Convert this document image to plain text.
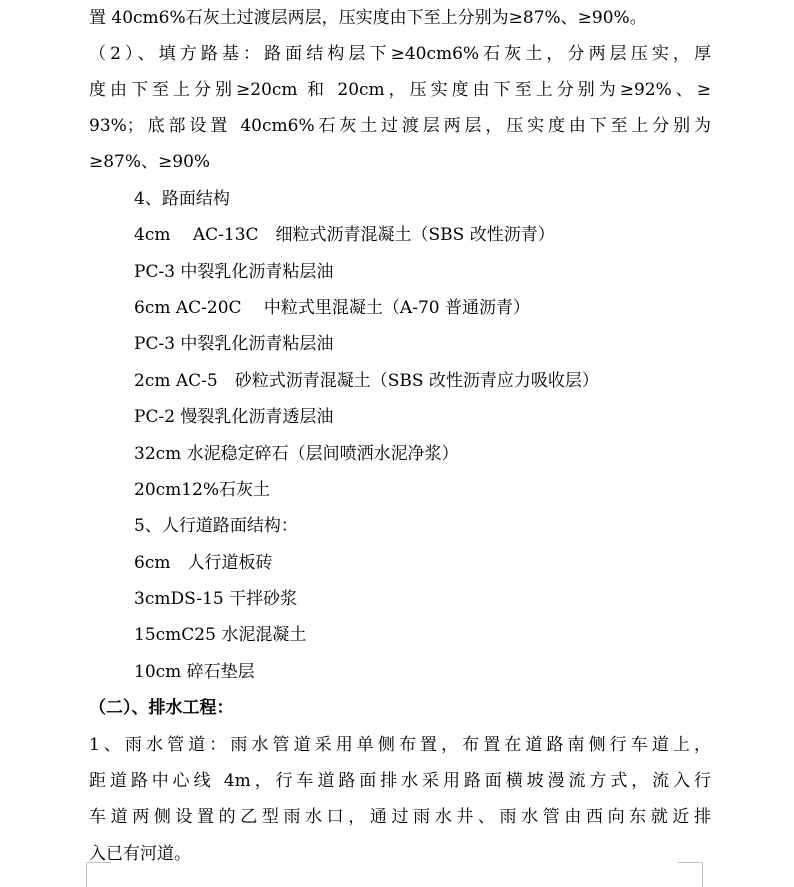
置 40cm6%石灰土过渡层两层，压实度由下至上分别为≥87%、≥90%。
（2）、填方路基：路面结构层下≥40cm6%石灰土，分两层压实，厚
度由下至上分别≥20cm 和 20cm，压实度由下至上分别为≥92%、≥
93%；底部设置 40cm6%石灰土过渡层两层，压实度由下至上分别为
≥87%、≥90%
4、路面结构
4cm　 AC-13C　细粒式沥青混凝土（SBS 改性沥青）
PC-3 中裂乳化沥青粘层油
6cm AC-20C　 中粒式里混凝土（A-70 普通沥青）
PC-3 中裂乳化沥青粘层油
2cm AC-5　砂粒式沥青混凝土（SBS 改性沥青应力吸收层）
PC-2 慢裂乳化沥青透层油
32cm 水泥稳定碎石（层间喷洒水泥净浆）
20cm12%石灰土
5、人行道路面结构：
6cm　人行道板砖
3cmDS-15 干拌砂浆
15cmC25 水泥混凝土
10cm 碎石垫层
（二）、排水工程：
1、雨水管道：雨水管道采用单侧布置，布置在道路南侧行车道上，
距道路中心线 4m，行车道路面排水采用路面横坡漫流方式，流入行
车道两侧设置的乙型雨水口，通过雨水井、雨水管由西向东就近排
入已有河道。
